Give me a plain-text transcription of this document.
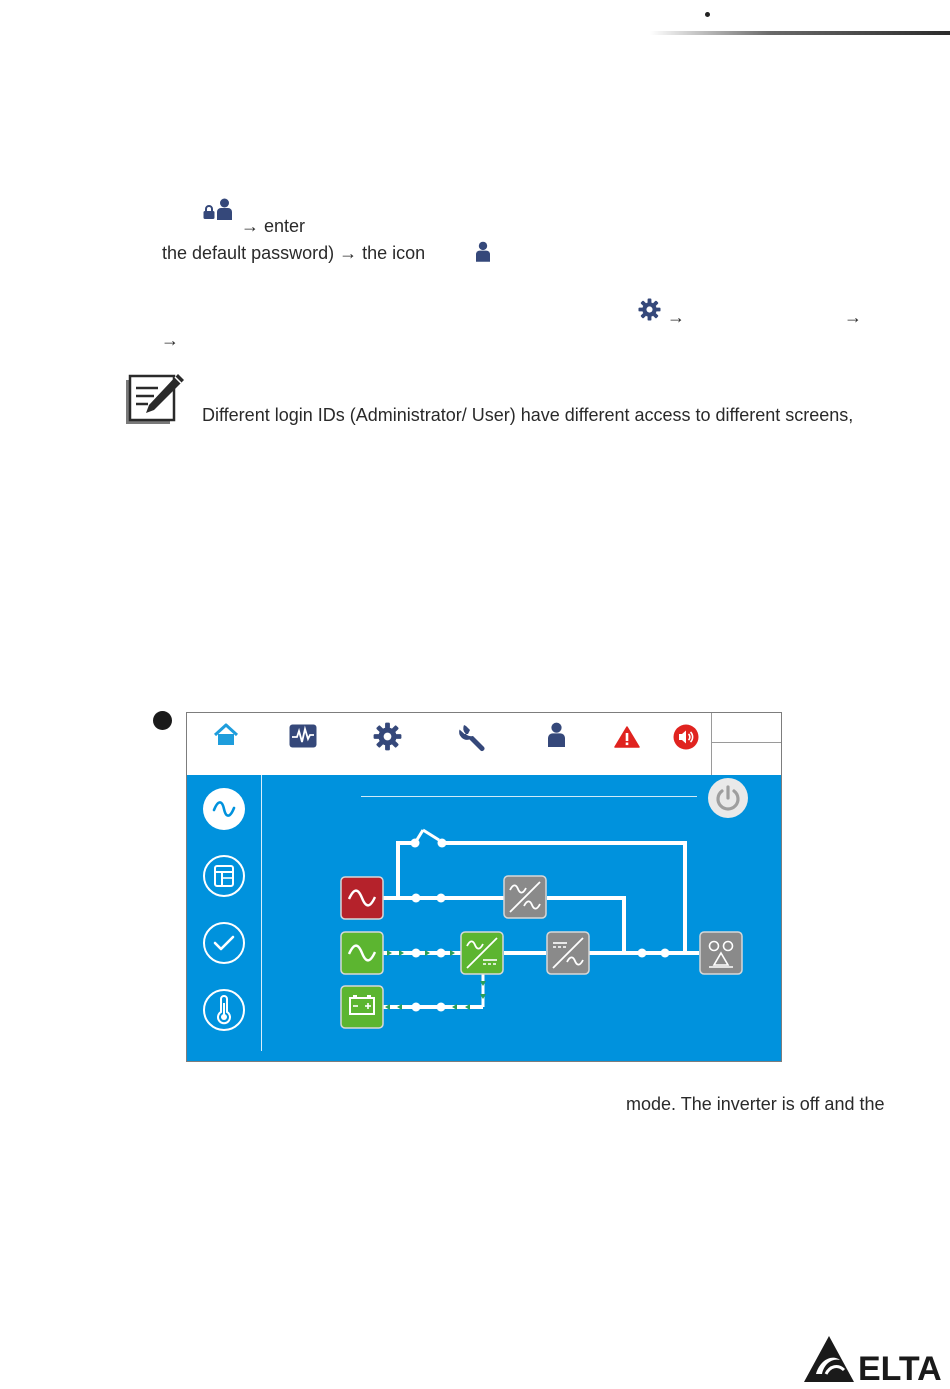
→ enter
the default password) → the icon
→	→
→
Different login IDs (Administrator/ User) have different access to different screens,
mode. The inverter is off and the
ELTA
